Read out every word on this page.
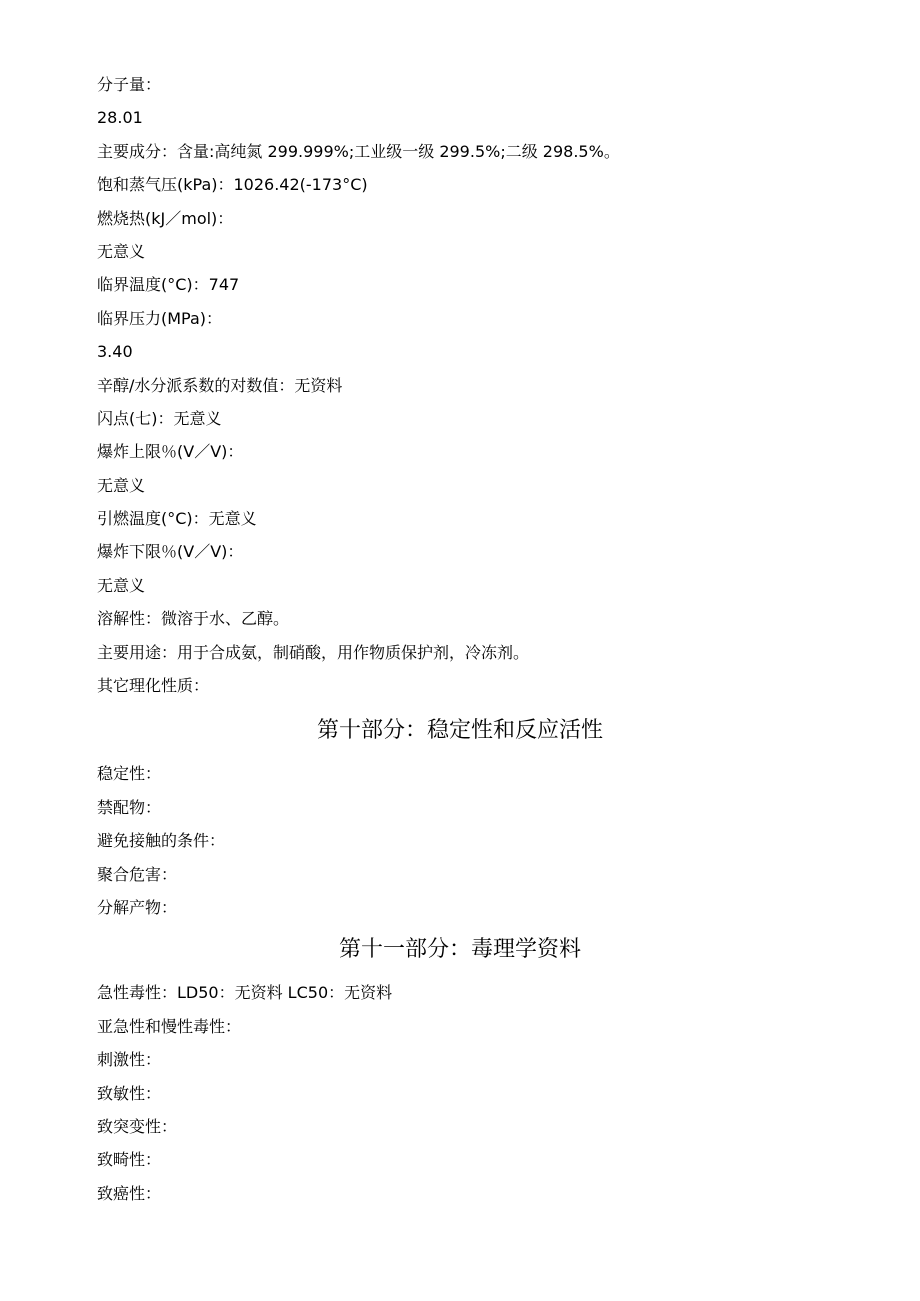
分子量：
28.01
主要成分：含量:高纯氮 299.999%;工业级一级 299.5%;二级 298.5%。
饱和蒸气压(kPa)：1026.42(-173°C)
燃烧热(kJ／mol)：
无意义
临界温度(°C)：747
临界压力(MPa)：
3.40
辛醇/水分派系数的对数值：无资料
闪点(七)：无意义
爆炸上限％(V／V)：
无意义
引燃温度(°C)：无意义
爆炸下限％(V／V)：
无意义
溶解性：微溶于水、乙醇。
主要用途：用于合成氨，制硝酸，用作物质保护剂，冷冻剂。
其它理化性质：
第十部分：稳定性和反应活性
稳定性：
禁配物：
避免接触的条件：
聚合危害：
分解产物：
第十一部分：毒理学资料
急性毒性：LD50：无资料 LC50：无资料
亚急性和慢性毒性：
刺激性：
致敏性：
致突变性：
致畸性：
致癌性：
